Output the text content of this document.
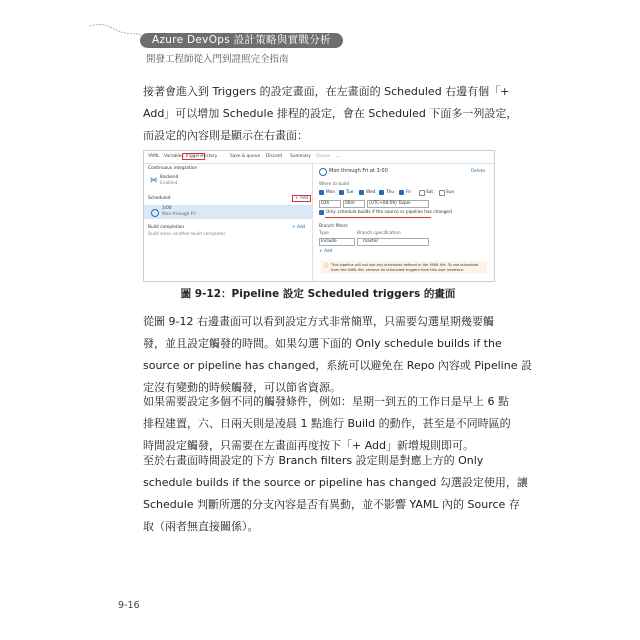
Azure DevOps 設計策略與實戰分析
開發工程師從入門到證照完全指南
接著會進入到 Triggers 的設定畫面，在左畫面的 Scheduled 右邊有個「+
Add」可以增加 Schedule 排程的設定，會在 Scheduled 下面多一列設定，
而設定的內容則是顯示在右畫面：
YAML Variables Triggers History	Save & queue Discard Summary Queue ...
Continuous integration
⋈ Backend
Enabled
Scheduled	+ Add
3:00
Mon through Fri
Build completion	+ Add
Build when another build completes
Mon through Fri at 3:00	Delete
When to build
Mon	Tue	Wed Thu	Fri	Sat	Sun
03h	00m	(UTC+08:00) Taipei
Only schedule builds if the source or pipeline has changed
Branch filters
Type	Branch specification
Include	master
+ Add
ⓘ This pipeline will not use any schedules defined in the YAML file. To use schedules from the YAML file, remove all scheduled triggers from this user interface.
圖 9-12：Pipeline 設定 Scheduled triggers 的畫面
從圖 9-12 右邊畫面可以看到設定方式非常簡單，只需要勾選星期幾要觸
發，並且設定觸發的時間。如果勾選下面的 Only schedule builds if the
source or pipeline has changed，系統可以避免在 Repo 內容或 Pipeline 設
定沒有變動的時候觸發，可以節省資源。
如果需要設定多個不同的觸發條件，例如：星期一到五的工作日是早上 6 點
排程建置，六、日兩天則是凌晨 1 點進行 Build 的動作，甚至是不同時區的
時間設定觸發，只需要在左畫面再度按下「+ Add」新增規則即可。
至於右畫面時間設定的下方 Branch filters 設定則是對應上方的 Only
schedule builds if the source or pipeline has changed 勾選設定使用，讓
Schedule 判斷所選的分支內容是否有異動，並不影響 YAML 內的 Source 存
取（兩者無直接關係）。
9-16
